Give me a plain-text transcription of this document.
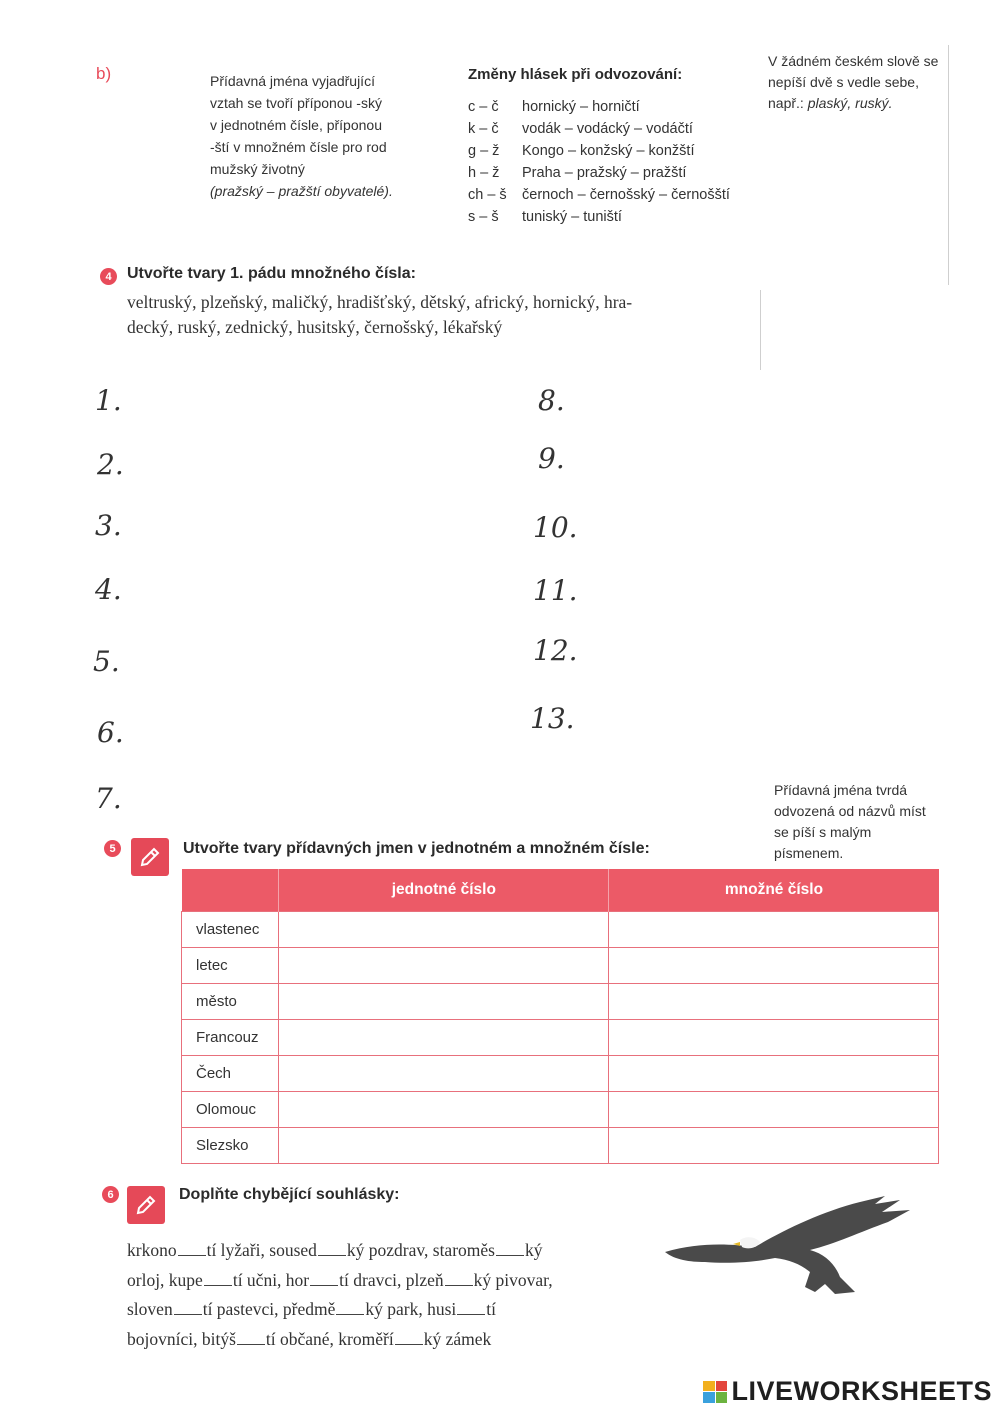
b)	Přídavná jména vyjadřující
vztah se tvoří příponou -ský
v jednotném čísle, příponou
-ští v množném čísle pro rod
mužský životný
(pražský – pražští obyvatelé).
Změny hlásek při odvozování:
c – č	hornický – horničtí
k – č	vodák – vodácký – vodáčtí
g – ž	Kongo – konžský – konžští
h – ž	Praha – pražský – pražští
ch – š	černoch – černošský – černošští
s – š	tuniský – tuniští
V žádném českém slově se nepíší dvě s vedle sebe, např.: plaský, ruský.
4 Utvořte tvary 1. pádu množného čísla:
veltruský, plzeňský, maličký, hradišťský, dětský, africký, hornický, hra-
decký, ruský, zednický, husitský, černošský, lékařský
1.
2.
3.
4.
5.
6.
7.
8.
9.
10.
11.
12.
13.
Přídavná jména tvrdá odvozená od názvů míst se píší s malým písmenem.
5	Utvořte tvary přídavných jmen v jednotném a množném čísle:
	jednotné číslo	množné číslo
vlastenec		
letec		
město		
Francouz		
Čech		
Olomouc		
Slezsko		
6	Doplňte chybějící souhlásky:
krkono tí lyžaři, soused ký pozdrav, staroměs ký
orloj, kupe tí učni, hor tí dravci, plzeň ký pivovar,
sloven tí pastevci, předmě ký park, husi tí
bojovníci, bitýš tí občané, kroměří ký zámek
LIVEWORKSHEETS
